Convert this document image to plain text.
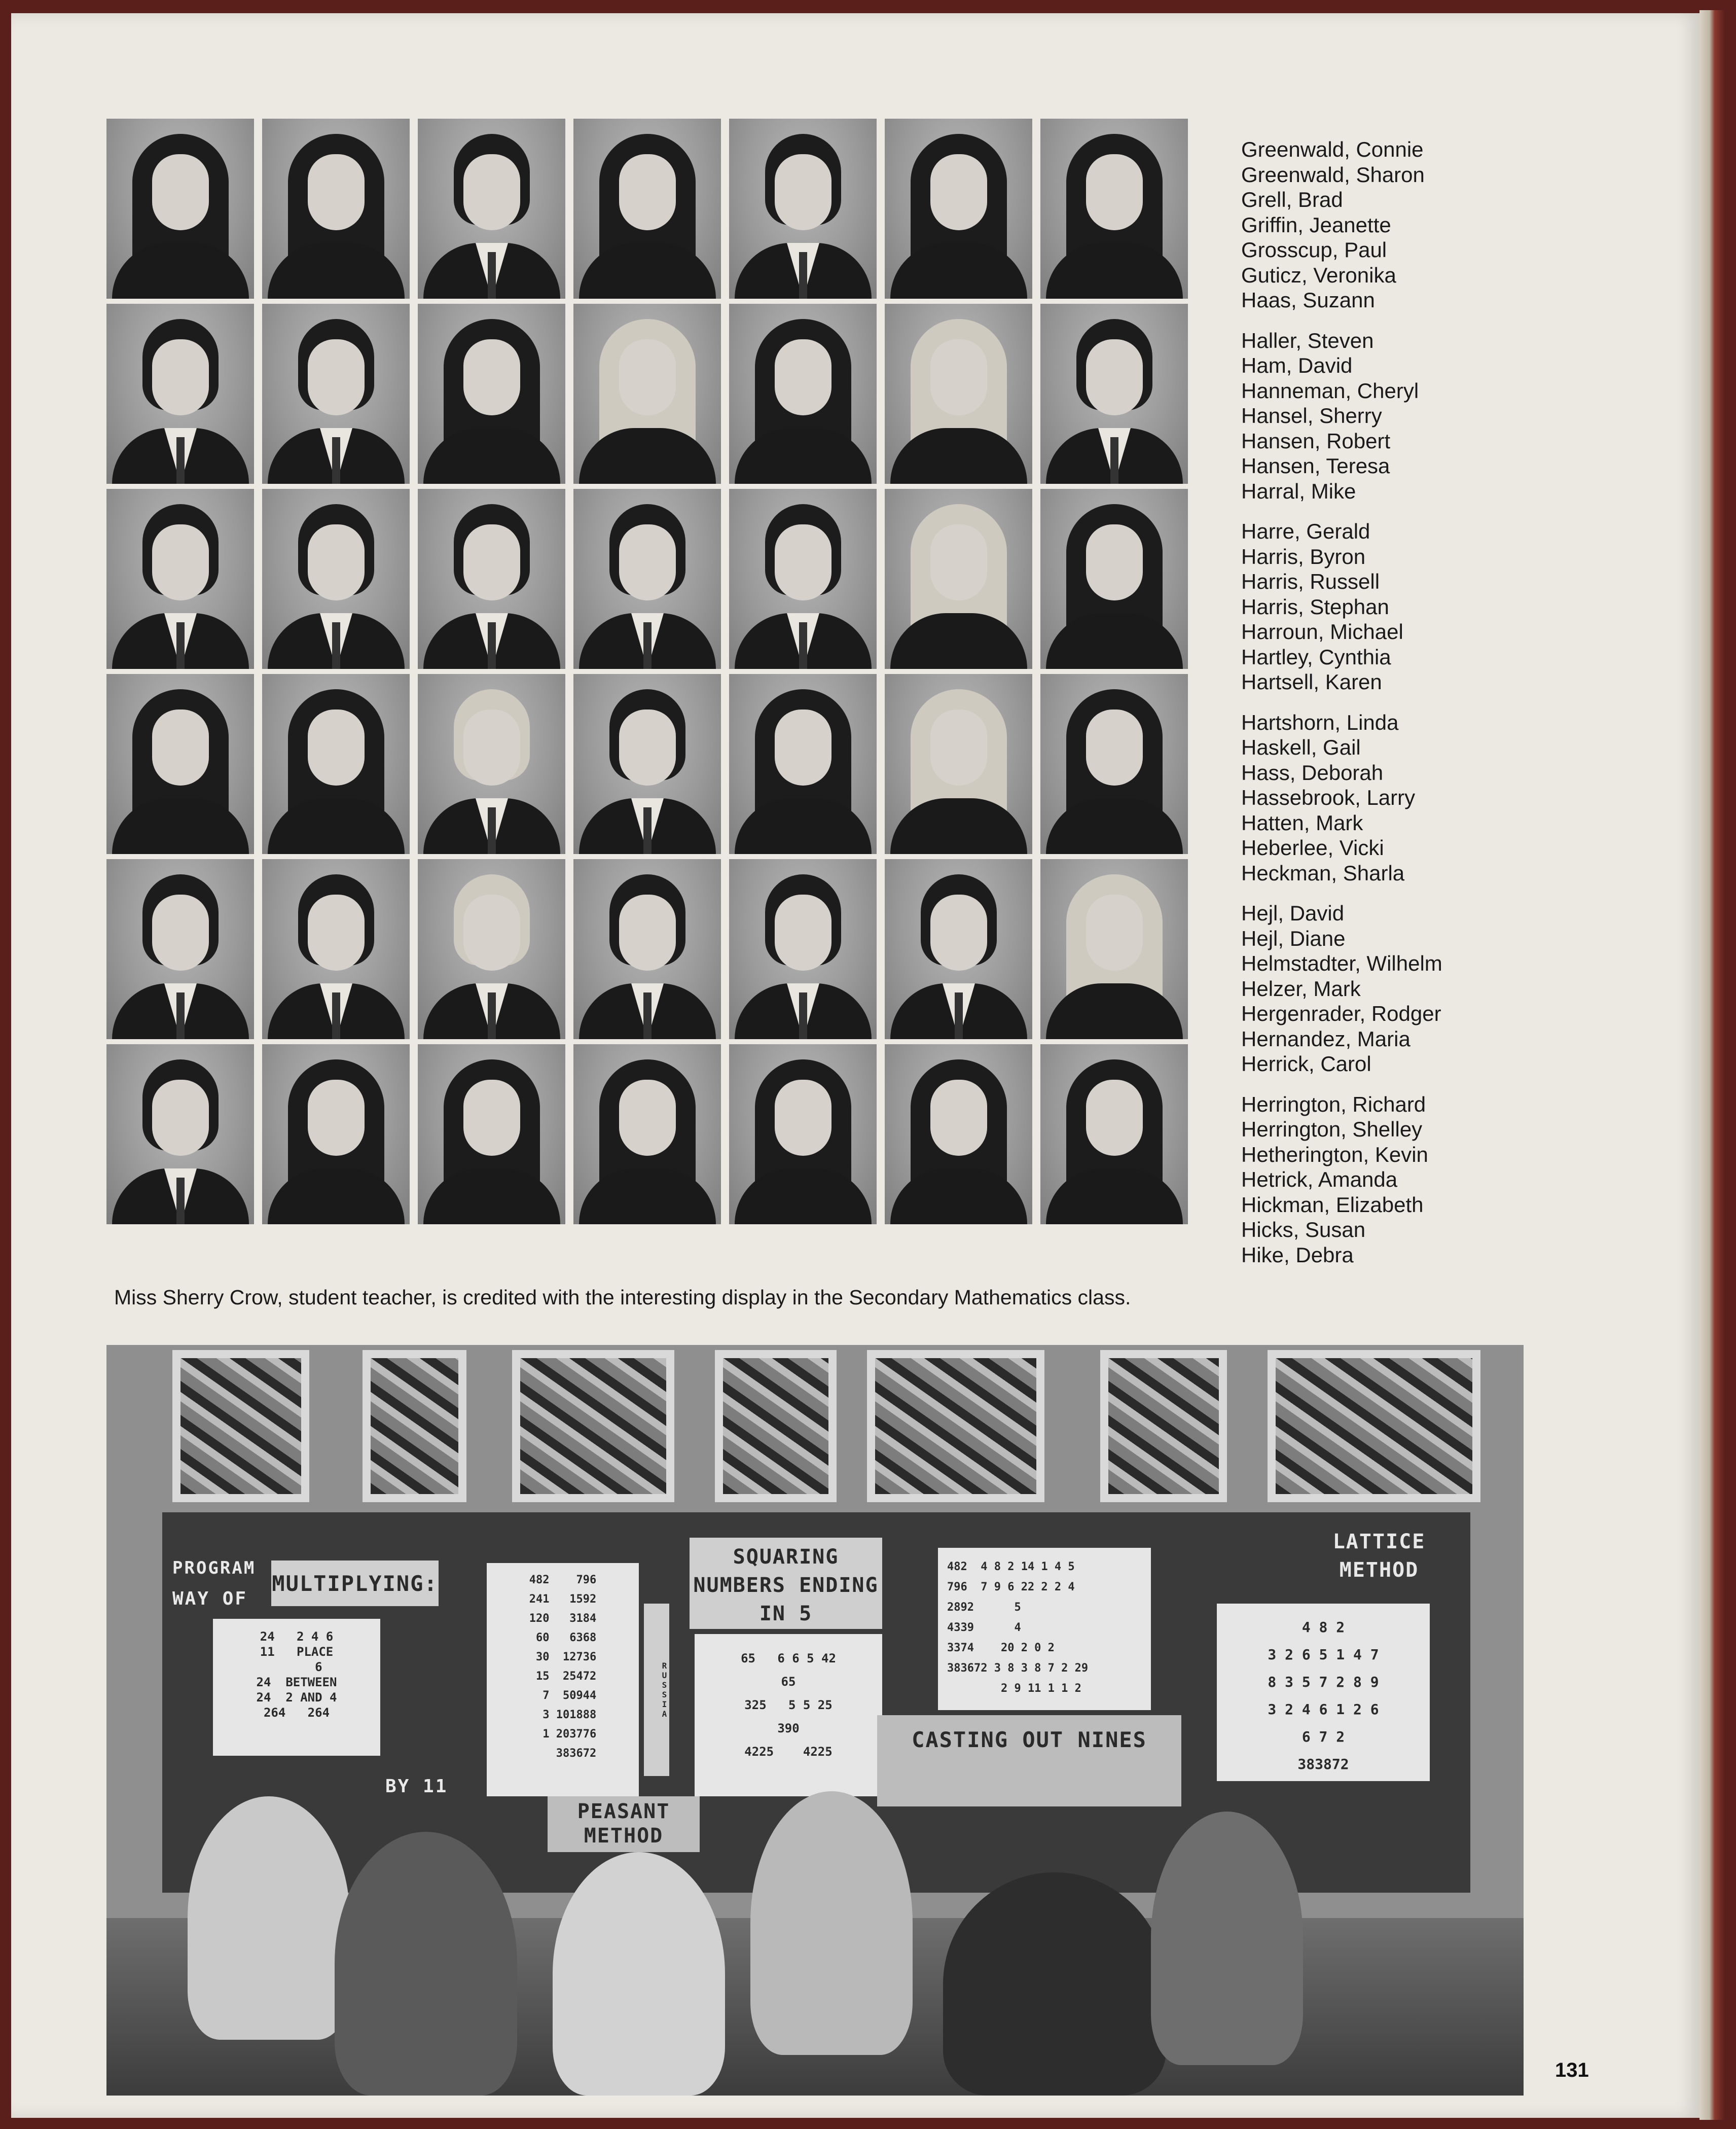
Greenwald, Connie
Greenwald, Sharon
Grell, Brad
Griffin, Jeanette
Grosscup, Paul
Guticz, Veronika
Haas, Suzann
Haller, Steven
Ham, David
Hanneman, Cheryl
Hansel, Sherry
Hansen, Robert
Hansen, Teresa
Harral, Mike
Harre, Gerald
Harris, Byron
Harris, Russell
Harris, Stephan
Harroun, Michael
Hartley, Cynthia
Hartsell, Karen
Hartshorn, Linda
Haskell, Gail
Hass, Deborah
Hassebrook, Larry
Hatten, Mark
Heberlee, Vicki
Heckman, Sharla
Hejl, David
Hejl, Diane
Helmstadter, Wilhelm
Helzer, Mark
Hergenrader, Rodger
Hernandez, Maria
Herrick, Carol
Herrington, Richard
Herrington, Shelley
Hetherington, Kevin
Hetrick, Amanda
Hickman, Elizabeth
Hicks, Susan
Hike, Debra
Miss Sherry Crow, student teacher, is credited with the interesting display in the Secondary Mathematics class.
PROGRAM
WAY OF
MULTIPLYING:
24   2 4 6
11   PLACE
6
24  BETWEEN
24  2 AND 4
264   264
BY 11
482    796
241   1592
120   3184
60   6368
30  12736
15  25472
7  50944
3 101888
1 203776
383672
RUSSIA
PEASANT METHOD
SQUARING NUMBERS ENDING IN 5
65   6 6 5 42
65
325   5 5 25
390
4225    4225
482  4 8 2 14 1 4 5
796  7 9 6 22 2 2 4
2892      5
4339      4
3374    20 2 0 2
383672 3 8 3 8 7 2 29
2 9 11 1 1 2
CASTING OUT NINES
LATTICE METHOD
4 8 2
3 2 6 5 1 4 7
8 3 5 7 2 8 9
3 2 4 6 1 2 6
6 7 2
383872
131
